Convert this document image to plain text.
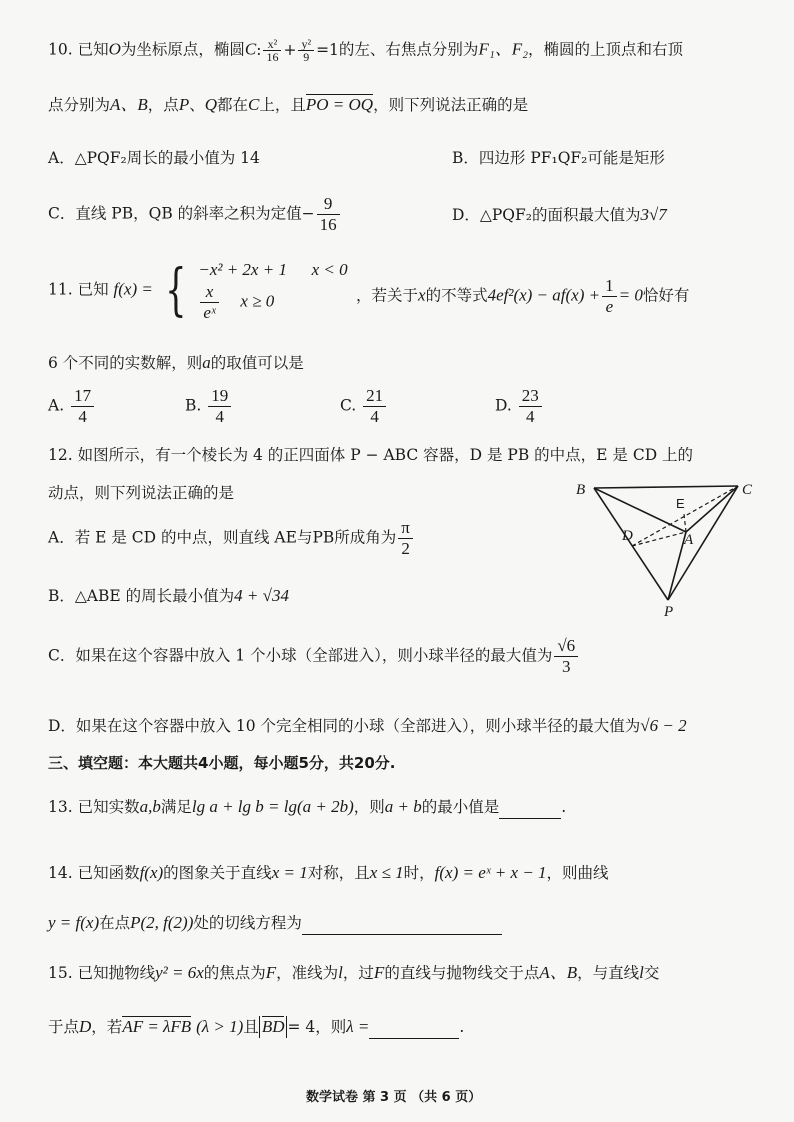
10. 已知O为坐标原点，椭圆C: $\frac{\text{x²}}{16} + \frac{\text{y²}}{9} =1$的左、右焦点分别为F₁、F₂，椭圆的上顶点和右顶
点分别为A、B，点P、Q都在C上，且PO = OQ，则下列说法正确的是
A．△PQF₂周长的最小值为 14	B．四边形 PF₁QF₂可能是矩形
C．直线 PB，QB 的斜率之积为定值− $\frac{9}{16}$	D．△PQF₂的面积最大值为3√7
11. 已知 f(x) = { −x² + 2x + 1 x < 0
$\frac{x}{\text{eˣ}}$ x ≥ 0	，若关于x的不等式$4ef^2(x) - af(x) + \frac{1}{e} = 0$恰好有
6 个不同的实数解，则a的取值可以是
A. $\frac{17}{4}$	B. $\frac{19}{4}$	C. $\frac{21}{4}$	D. $\frac{23}{4}$
12. 如图所示，有一个棱长为 4 的正四面体 P − ABC 容器，D 是 PB 的中点，E 是 CD 上的
动点，则下列说法正确的是
A．若 E 是 CD 的中点，则直线 AE与PB所成角为 $\frac{\pi}{2}$
B．△ABE 的周长最小值为4 + √34
C．如果在这个容器中放入 1 个小球（全部进入），则小球半径的最大值为 $\frac{√6}{3}$
D．如果在这个容器中放入 10 个完全相同的小球（全部进入），则小球半径的最大值为√6 − 2
B	C
E
D	A
P
三、填空题：本大题共4小题，每小题5分，共20分.
13. 已知实数a,b满足lg a + lg b = lg(a + 2b)，则a + b的最小值是	.
14. 已知函数f(x)的图象关于直线x = 1对称，且x ≤ 1时，f(x) = eˣ + x − 1，则曲线
y = f(x)在点P(2, f(2))处的切线方程为
15. 已知抛物线y² = 6x的焦点为F，准线为l，过F的直线与抛物线交于点A、B，与直线l交
于点D，若AF = λFB (λ > 1)且 BD = 4，则λ =	.
数学试卷 第 3 页 （共 6 页）
